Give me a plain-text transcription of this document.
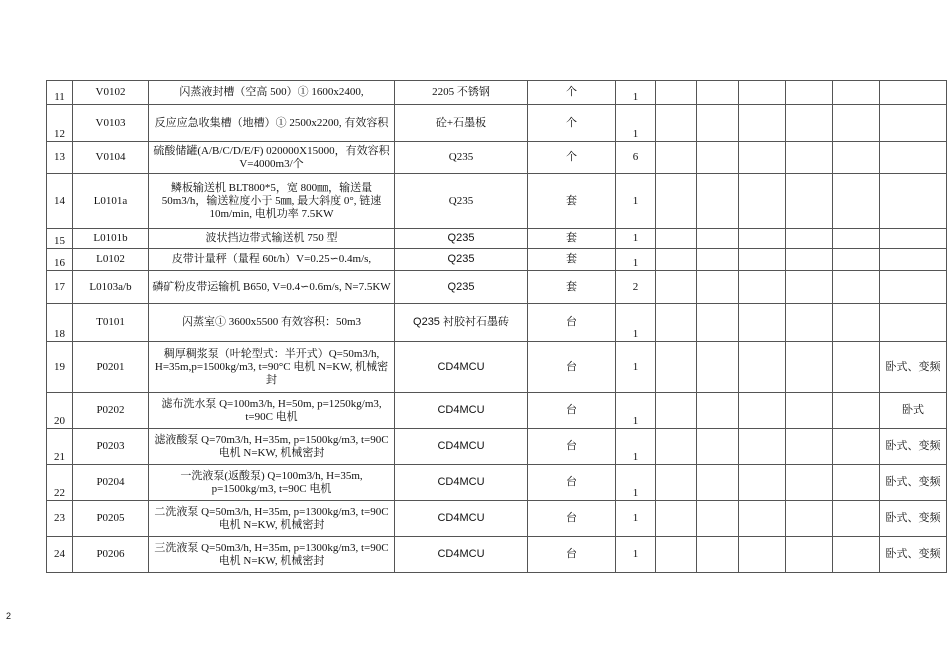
11	V0102	闪蒸液封槽（空高 500）① 1600x2400,	2205 不锈钢	个	1						
12	V0103	反应应急收集槽（地槽）① 2500x2200, 有效容积	砼+石墨板	个	1						
13	V0104	硫酸储罐(A/B/C/D/E/F) 020000X15000，有效容积 V=4000m3/个	Q235	个	6						
14	L0101a	鳞板输送机 BLT800*5，宽 800㎜，输送量 50m3/h，输送粒度小于 5㎜, 最大斜度 0°, 链速 10m/min, 电机功率 7.5KW	Q235	套	1						
15	L0101b	波状挡边带式输送机 750 型	Q235	套	1						
16	L0102	皮带计量秤（量程 60t/h）V=0.25∽0.4m/s,	Q235	套	1						
17	L0103a/b	磷矿粉皮带运输机 B650, V=0.4∽0.6m/s, N=7.5KW	Q235	套	2						
18	T0101	闪蒸室① 3600x5500 有效容积：50m3	Q235 衬胶衬石墨砖	台	1						
19	P0201	稠厚稠浆泵（叶轮型式：半开式）Q=50m3/h, H=35m,p=1500kg/m3, t=90°C 电机 N=KW, 机械密封	CD4MCU	台	1						卧式、变频
20	P0202	滤布洗水泵 Q=100m3/h, H=50m, p=1250kg/m3, t=90C 电机	CD4MCU	台	1						卧式
21	P0203	滤液酸泵 Q=70m3/h, H=35m, p=1500kg/m3, t=90C 电机 N=KW, 机械密封	CD4MCU	台	1						卧式、变频
22	P0204	一洗液泵(返酸泵) Q=100m3/h, H=35m, p=1500kg/m3, t=90C 电机	CD4MCU	台	1						卧式、变频
23	P0205	二洗液泵 Q=50m3/h, H=35m, p=1300kg/m3, t=90C 电机 N=KW, 机械密封	CD4MCU	台	1						卧式、变频
24	P0206	三洗液泵 Q=50m3/h, H=35m, p=1300kg/m3, t=90C 电机 N=KW, 机械密封	CD4MCU	台	1						卧式、变频
2
